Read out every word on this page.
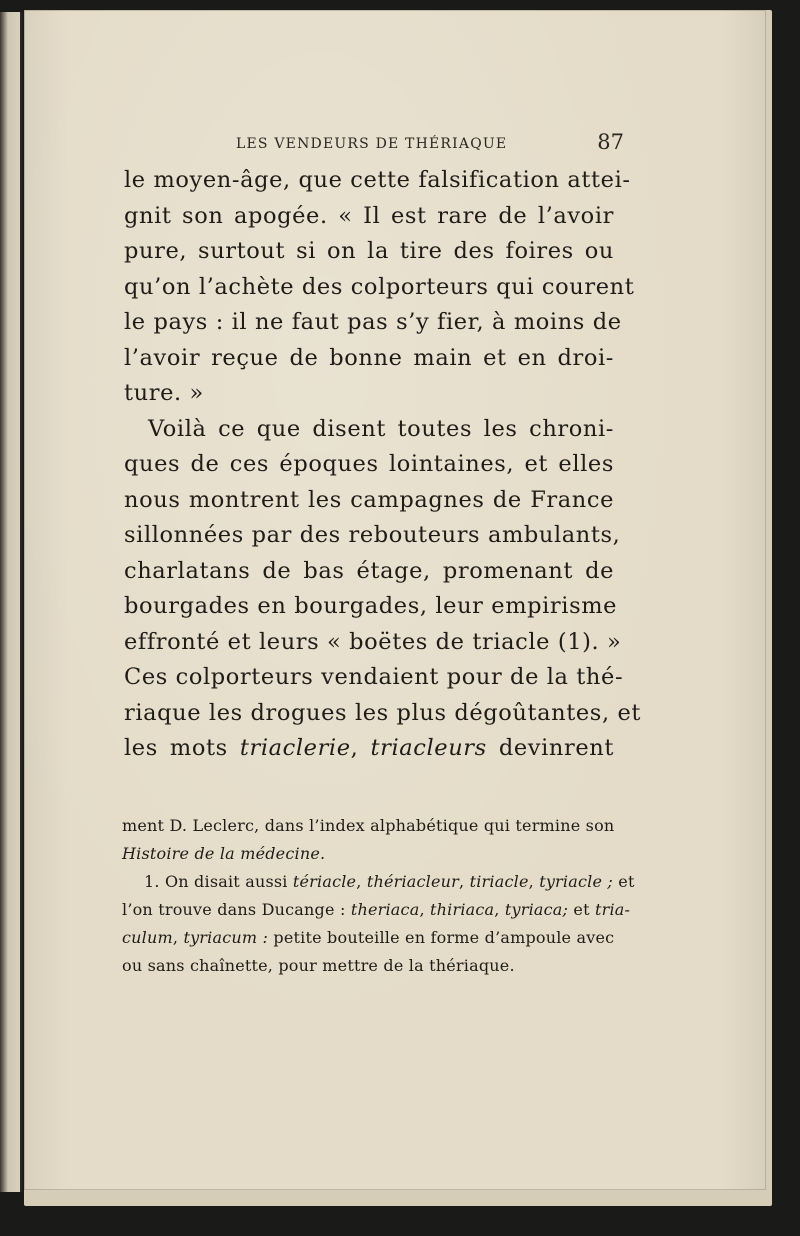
LES VENDEURS DE THÉRIAQUE	87
le moyen-âge, que cette falsification attei-
gnit son apogée. « Il est rare de l’avoir
pure, surtout si on la tire des foires ou
qu’on l’achète des colporteurs qui courent
le pays : il ne faut pas s’y fier, à moins de
l’avoir reçue de bonne main et en droi-
ture. »
Voilà ce que disent toutes les chroni-
ques de ces époques lointaines, et elles
nous montrent les campagnes de France
sillonnées par des rebouteurs ambulants,
charlatans de bas étage, promenant de
bourgades en bourgades, leur empirisme
effronté et leurs « boëtes de triacle (1). »
Ces colporteurs vendaient pour de la thé-
riaque les drogues les plus dégoûtantes, et
les mots triaclerie, triacleurs devinrent
ment D. Leclerc, dans l’index alphabétique qui termine son
Histoire de la médecine.
1. On disait aussi tériacle, thériacleur, tiriacle, tyriacle ; et
l’on trouve dans Ducange : theriaca, thiriaca, tyriaca; et tria-
culum, tyriacum : petite bouteille en forme d’ampoule avec
ou sans chaînette, pour mettre de la thériaque.
